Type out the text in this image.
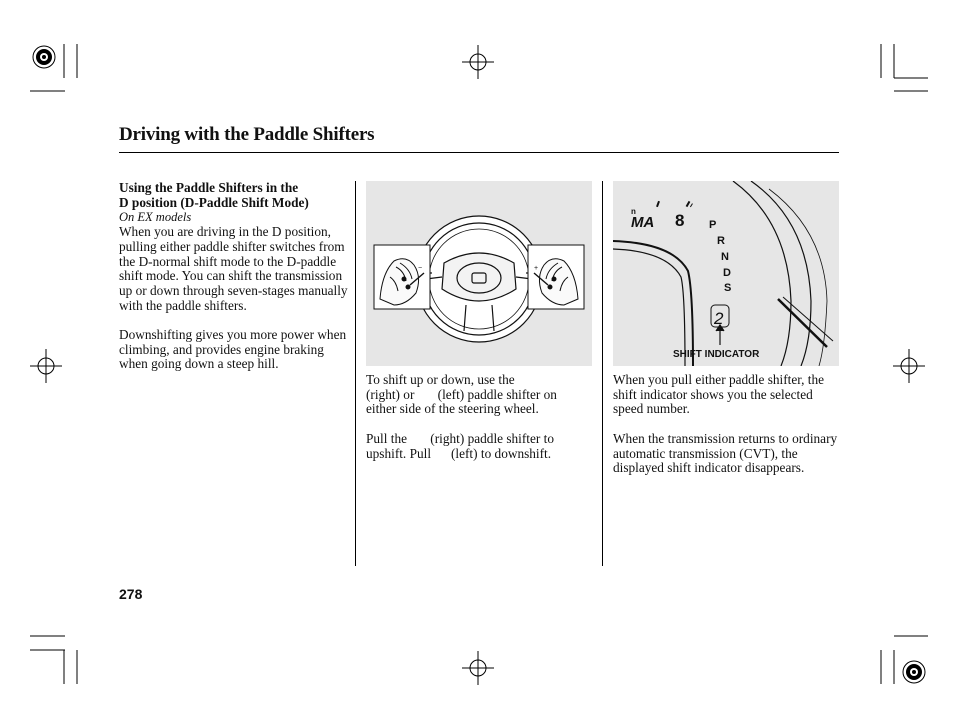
Driving with the Paddle Shifters

Using the Paddle Shifters in the

D position (D-Paddle Shift Mode)

On EX models

When you are driving in the D position, pulling either paddle shifter switches from the D-normal shift mode to the D-paddle shift mode. You can shift the transmission up or down through seven-stages manually with the paddle shifters.

Downshifting gives you more power when climbing, and provides engine braking when going down a steep hill.

−	+

To shift up or down, use the

(right) or (left) paddle shifter on

either side of the steering wheel.

Pull the (right) paddle shifter to

upshift. Pull (left) to downshift.

n
MA 8 P
R
N
D
S
2
SHIFT INDICATOR

When you pull either paddle shifter, the shift indicator shows you the selected speed number.

When the transmission returns to ordinary automatic transmission (CVT), the displayed shift indicator disappears.

278
